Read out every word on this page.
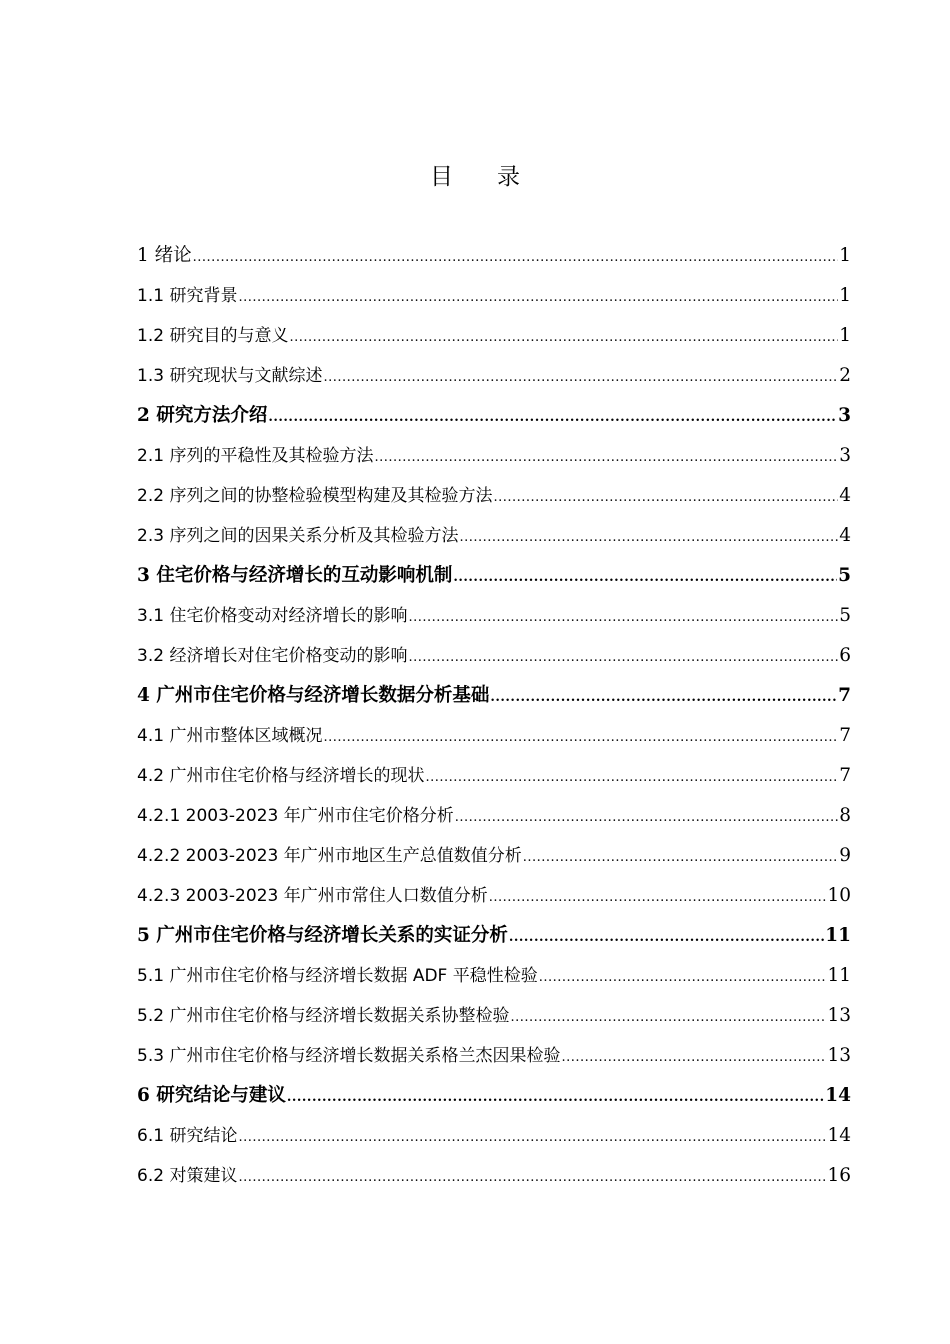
目 录
1 绪论 .....	1
1.1 研究背景 .....	1
1.2 研究目的与意义 .....	1
1.3 研究现状与文献综述 .....	2
2 研究方法介绍 .....	3
2.1 序列的平稳性及其检验方法 .....	3
2.2 序列之间的协整检验模型构建及其检验方法 .....	4
2.3 序列之间的因果关系分析及其检验方法 .....	4
3 住宅价格与经济增长的互动影响机制 .....	5
3.1 住宅价格变动对经济增长的影响 .....	5
3.2 经济增长对住宅价格变动的影响 .....	6
4 广州市住宅价格与经济增长数据分析基础 .....	7
4.1 广州市整体区域概况 .....	7
4.2 广州市住宅价格与经济增长的现状 .....	7
4.2.1 2003-2023 年广州市住宅价格分析 .....	8
4.2.2 2003-2023 年广州市地区生产总值数值分析 .....	9
4.2.3 2003-2023 年广州市常住人口数值分析 .....	10
5 广州市住宅价格与经济增长关系的实证分析 .....	11
5.1 广州市住宅价格与经济增长数据 ADF 平稳性检验 .....	11
5.2 广州市住宅价格与经济增长数据关系协整检验 .....	13
5.3 广州市住宅价格与经济增长数据关系格兰杰因果检验 .....	13
6 研究结论与建议 .....	14
6.1 研究结论 .....	14
6.2 对策建议 .....	16
